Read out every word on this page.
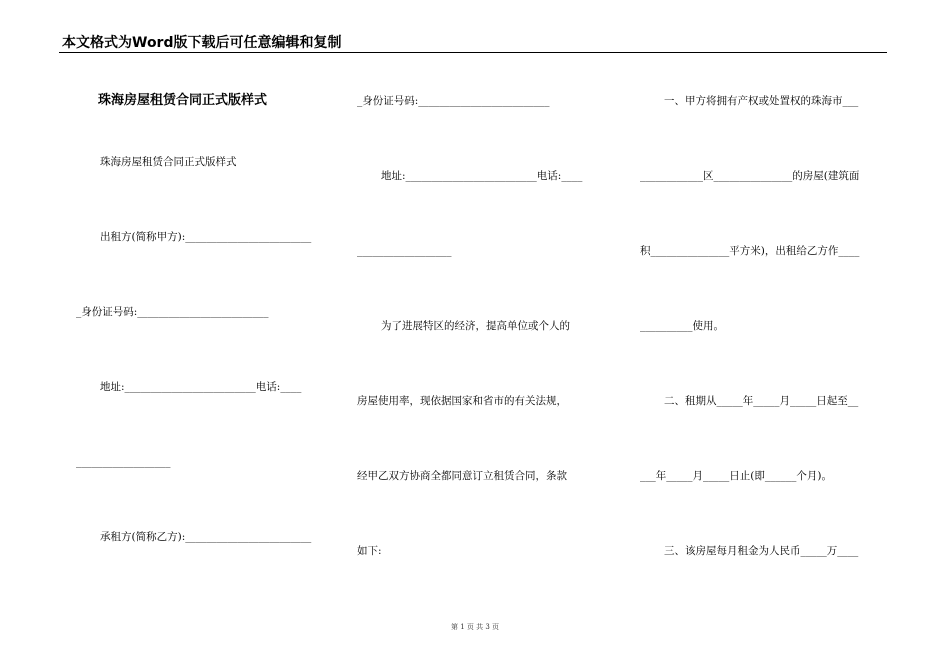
本文格式为Word版下载后可任意编辑和复制
珠海房屋租赁合同正式版样式
珠海房屋租赁合同正式版样式
出租方(简称甲方):________________________
_身份证号码:_________________________
地址:_________________________电话:____
__________________
承租方(简称乙方):________________________
_身份证号码:_________________________
地址:_________________________电话:____
__________________
为了进展特区的经济，提高单位或个人的
房屋使用率，现依据国家和省市的有关法规，
经甲乙双方协商全都同意订立租赁合同，条款
如下:
一、甲方将拥有产权或处置权的珠海市___
____________区_______________的房屋(建筑面
积_______________平方米)，出租给乙方作____
__________使用。
二、租期从_____年_____月_____日起至__
___年_____月_____日止(即______个月)。
三、该房屋每月租金为人民币_____万____
第 1 页 共 3 页
